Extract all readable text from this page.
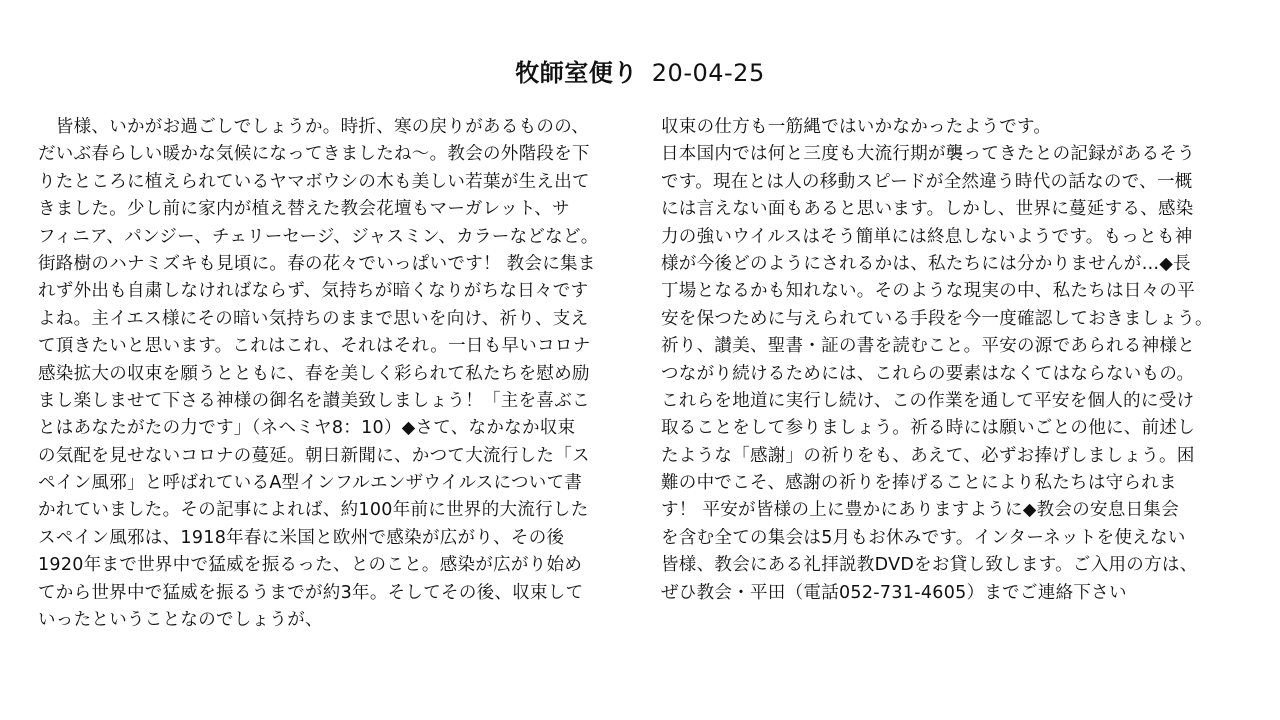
牧師室便り 20-04-25
　皆様、いかがお過ごしでしょうか。時折、寒の戻りがあるものの、
だいぶ春らしい暖かな気候になってきましたね～。教会の外階段を下
りたところに植えられているヤマボウシの木も美しい若葉が生え出て
きました。少し前に家内が植え替えた教会花壇もマーガレット、サ
フィニア、パンジー、チェリーセージ、ジャスミン、カラーなどなど。
街路樹のハナミズキも見頃に。春の花々でいっぱいです！ 教会に集ま
れず外出も自粛しなければならず、気持ちが暗くなりがちな日々です
よね。主イエス様にその暗い気持ちのままで思いを向け、祈り、支え
て頂きたいと思います。これはこれ、それはそれ。一日も早いコロナ
感染拡大の収束を願うとともに、春を美しく彩られて私たちを慰め励
まし楽しませて下さる神様の御名を讃美致しましょう！「主を喜ぶこ
とはあなたがたの力です」（ネヘミヤ8：10）◆さて、なかなか収束
の気配を見せないコロナの蔓延。朝日新聞に、かつて大流行した「ス
ペイン風邪」と呼ばれているA型インフルエンザウイルスについて書
かれていました。その記事によれば、約100年前に世界的大流行した
スペイン風邪は、1918年春に米国と欧州で感染が広がり、その後
1920年まで世界中で猛威を振るった、とのこと。感染が広がり始め
てから世界中で猛威を振るうまでが約3年。そしてその後、収束して
いったということなのでしょうが、
収束の仕方も一筋縄ではいかなかったようです。
日本国内では何と三度も大流行期が襲ってきたとの記録があるそう
です。現在とは人の移動スピードが全然違う時代の話なので、一概
には言えない面もあると思います。しかし、世界に蔓延する、感染
力の強いウイルスはそう簡単には終息しないようです。もっとも神
様が今後どのようにされるかは、私たちには分かりませんが…◆長
丁場となるかも知れない。そのような現実の中、私たちは日々の平
安を保つために与えられている手段を今一度確認しておきましょう。
祈り、讃美、聖書・証の書を読むこと。平安の源であられる神様と
つながり続けるためには、これらの要素はなくてはならないもの。
これらを地道に実行し続け、この作業を通して平安を個人的に受け
取ることをして参りましょう。祈る時には願いごとの他に、前述し
たような「感謝」の祈りをも、あえて、必ずお捧げしましょう。困
難の中でこそ、感謝の祈りを捧げることにより私たちは守られま
す！ 平安が皆様の上に豊かにありますように◆教会の安息日集会
を含む全ての集会は5月もお休みです。インターネットを使えない
皆様、教会にある礼拝説教DVDをお貸し致します。ご入用の方は、
ぜひ教会・平田（電話052-731-4605）までご連絡下さい
